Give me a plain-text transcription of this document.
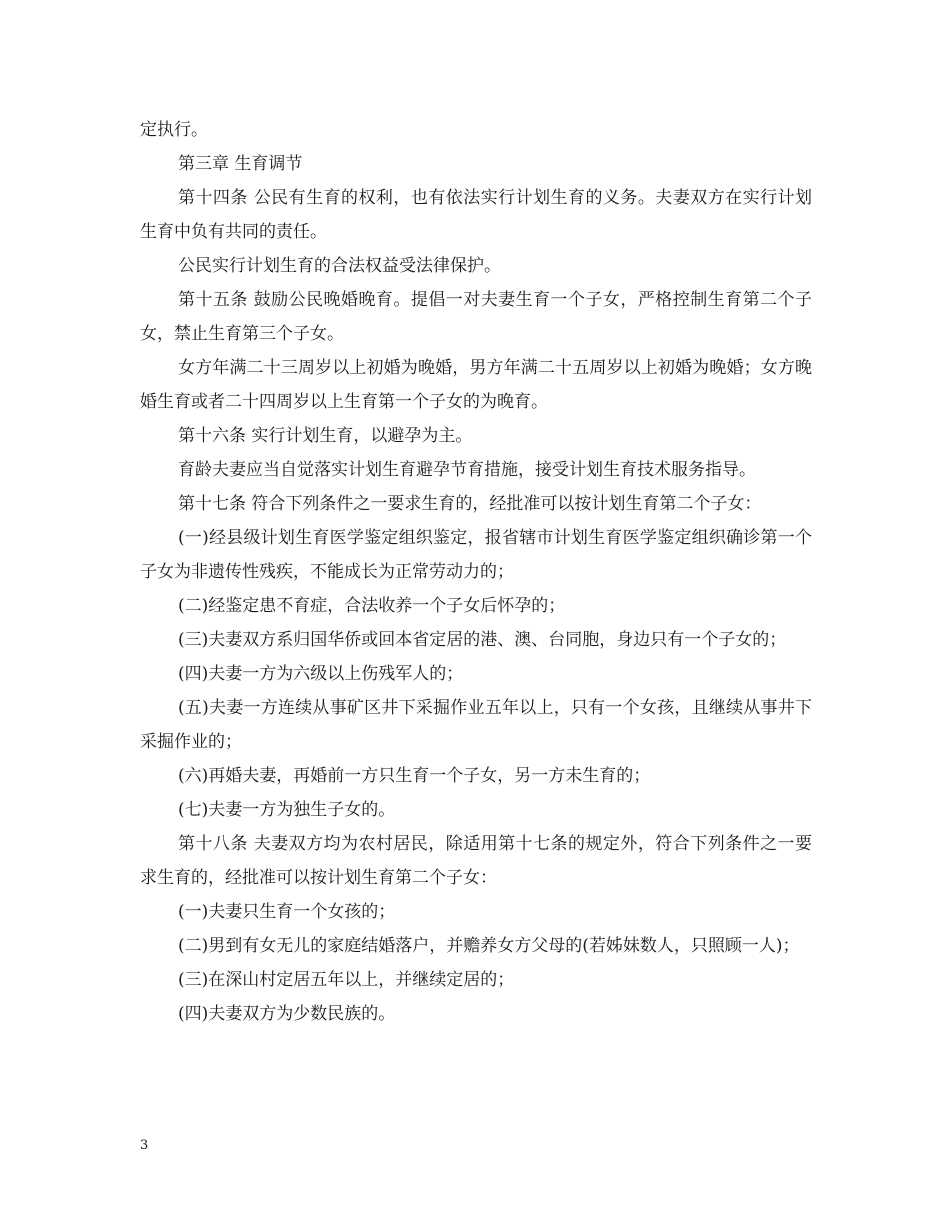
定执行。

第三章 生育调节

第十四条 公民有生育的权利，也有依法实行计划生育的义务。夫妻双方在实行计划生育中负有共同的责任。

公民实行计划生育的合法权益受法律保护。

第十五条 鼓励公民晚婚晚育。提倡一对夫妻生育一个子女，严格控制生育第二个子女，禁止生育第三个子女。

女方年满二十三周岁以上初婚为晚婚，男方年满二十五周岁以上初婚为晚婚；女方晚婚生育或者二十四周岁以上生育第一个子女的为晚育。

第十六条 实行计划生育，以避孕为主。

育龄夫妻应当自觉落实计划生育避孕节育措施，接受计划生育技术服务指导。

第十七条 符合下列条件之一要求生育的，经批准可以按计划生育第二个子女：

(一)经县级计划生育医学鉴定组织鉴定，报省辖市计划生育医学鉴定组织确诊第一个子女为非遗传性残疾，不能成长为正常劳动力的；

(二)经鉴定患不育症，合法收养一个子女后怀孕的；

(三)夫妻双方系归国华侨或回本省定居的港、澳、台同胞，身边只有一个子女的；

(四)夫妻一方为六级以上伤残军人的；

(五)夫妻一方连续从事矿区井下采掘作业五年以上，只有一个女孩，且继续从事井下采掘作业的；

(六)再婚夫妻，再婚前一方只生育一个子女，另一方未生育的；

(七)夫妻一方为独生子女的。

第十八条 夫妻双方均为农村居民，除适用第十七条的规定外，符合下列条件之一要求生育的，经批准可以按计划生育第二个子女：

(一)夫妻只生育一个女孩的；

(二)男到有女无儿的家庭结婚落户，并赡养女方父母的(若姊妹数人，只照顾一人)；

(三)在深山村定居五年以上，并继续定居的；

(四)夫妻双方为少数民族的。

3
